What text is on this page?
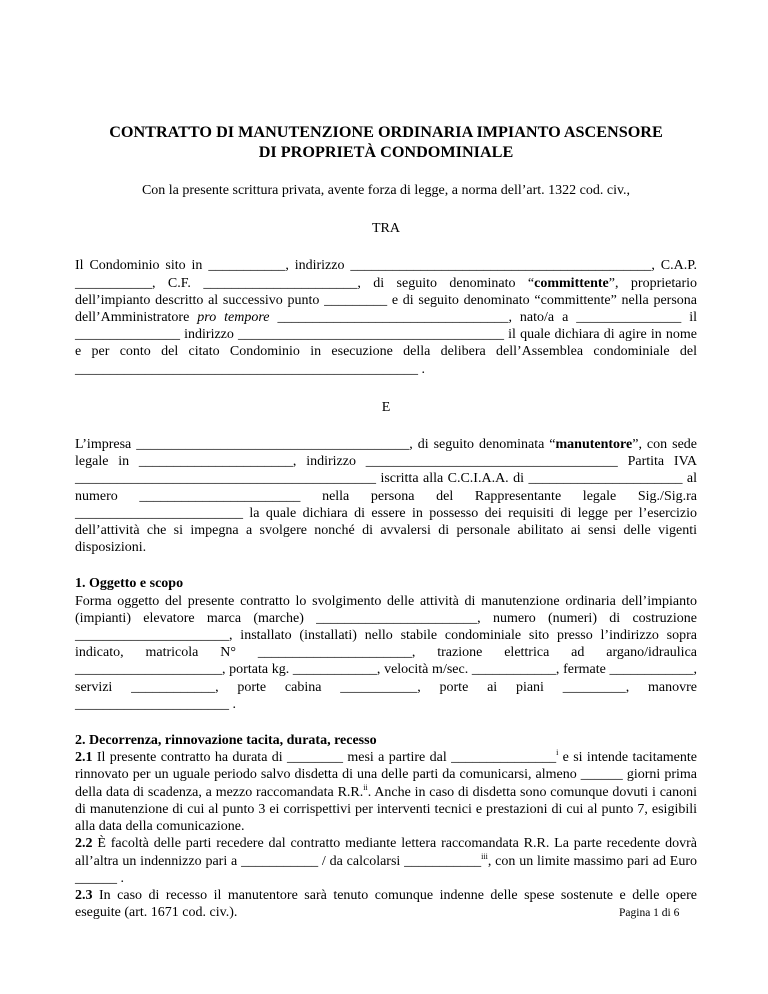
CONTRATTO DI MANUTENZIONE ORDINARIA IMPIANTO ASCENSORE

DI PROPRIETÀ CONDOMINIALE

Con la presente scrittura privata, avente forza di legge, a norma dell’art. 1322 cod. civ.,

TRA

Il Condominio sito in ___________, indirizzo ___________________________________________, C.A.P. ___________, C.F. ______________________, di seguito denominato “committente”, proprietario dell’impianto descritto al successivo punto _________ e di seguito denominato “committente” nella persona dell’Amministratore pro tempore _________________________________, nato/a a _______________ il _______________ indirizzo ______________________________________ il quale dichiara di agire in nome e per conto del citato Condominio in esecuzione della delibera dell’Assemblea condominiale del _________________________________________________ .

E

L’impresa _______________________________________, di seguito denominata “manutentore”, con sede legale in ______________________, indirizzo ____________________________________ Partita IVA ___________________________________________ iscritta alla C.C.I.A.A. di ______________________ al numero _______________________ nella persona del Rappresentante legale Sig./Sig.ra ________________________ la quale dichiara di essere in possesso dei requisiti di legge per l’esercizio dell’attività che si impegna a svolgere nonché di avvalersi di personale abilitato ai sensi delle vigenti disposizioni.

1. Oggetto e scopo

Forma oggetto del presente contratto lo svolgimento delle attività di manutenzione ordinaria dell’impianto (impianti) elevatore marca (marche) _______________________, numero (numeri) di costruzione ______________________, installato (installati) nello stabile condominiale sito presso l’indirizzo sopra indicato, matricola N° ______________________, trazione elettrica ad argano/idraulica _____________________, portata kg. ____________, velocità m/sec. ____________, fermate ____________, servizi ____________, porte cabina ___________, porte ai piani _________, manovre ______________________ .

2. Decorrenza, rinnovazione tacita, durata, recesso

2.1 Il presente contratto ha durata di ________ mesi a partire dal _______________$^i$ e si intende tacitamente rinnovato per un uguale periodo salvo disdetta di una delle parti da comunicarsi, almeno ______ giorni prima della data di scadenza, a mezzo raccomandata R.R.$^{ii}$. Anche in caso di disdetta sono comunque dovuti i canoni di manutenzione di cui al punto 3 ei corrispettivi per interventi tecnici e prestazioni di cui al punto 7, esigibili alla data della comunicazione.

2.2 È facoltà delle parti recedere dal contratto mediante lettera raccomandata R.R. La parte recedente dovrà all’altra un indennizzo pari a ___________ / da calcolarsi ___________$^{iii}$, con un limite massimo pari ad Euro ______ .

2.3 In caso di recesso il manutentore sarà tenuto comunque indenne delle spese sostenute e delle opere eseguite (art. 1671 cod. civ.).	Pagina 1 di 6
